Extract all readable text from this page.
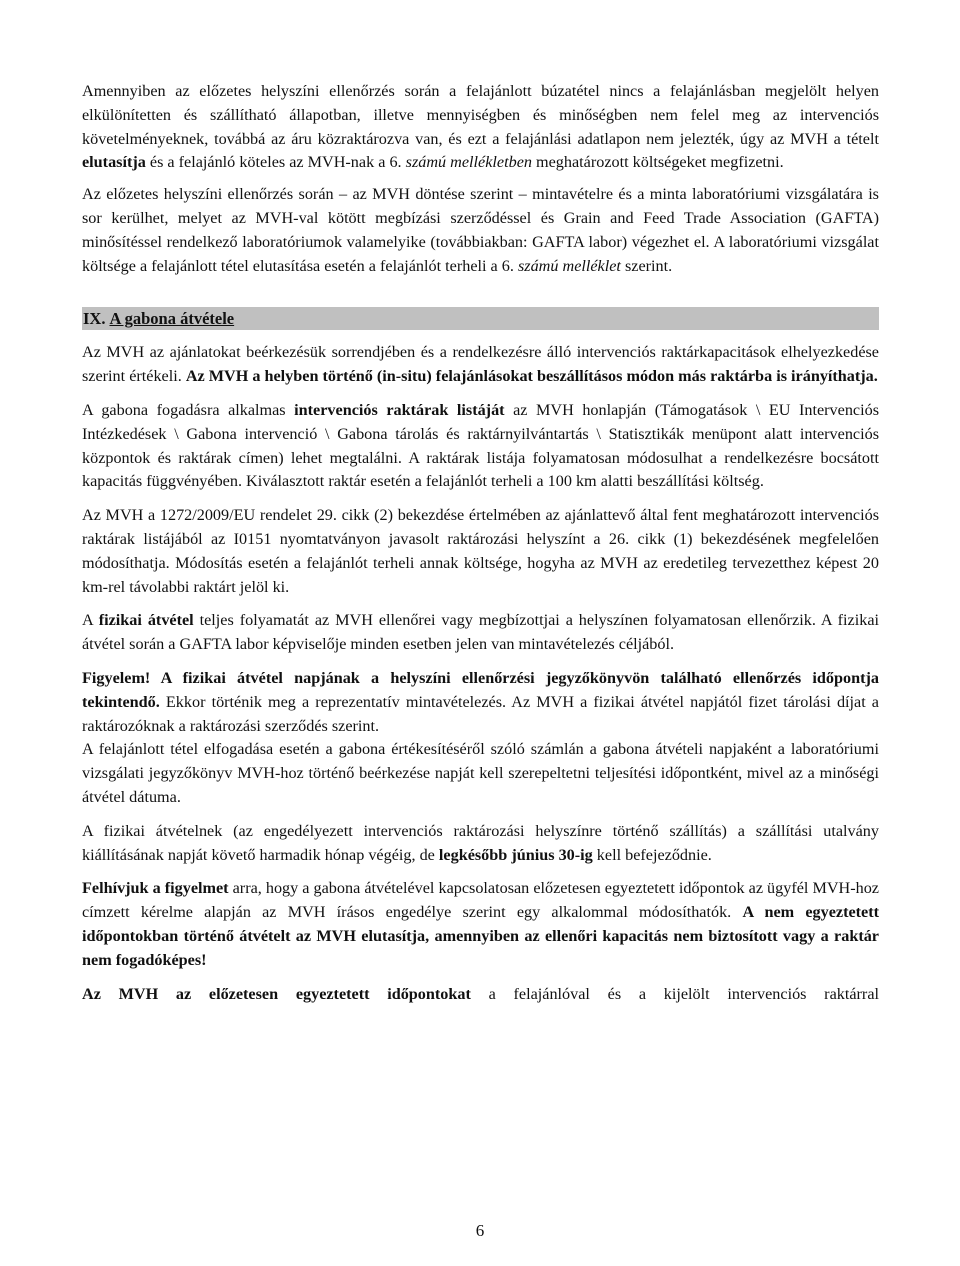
Amennyiben az előzetes helyszíni ellenőrzés során a felajánlott búzatétel nincs a felajánlásban megjelölt helyen elkülönítetten és szállítható állapotban, illetve mennyiségben és minőségben nem felel meg az intervenciós követelményeknek, továbbá az áru közraktározva van, és ezt a felajánlási adatlapon nem jelezték, úgy az MVH a tételt elutasítja és a felajánló köteles az MVH-nak a 6. számú mellékletben meghatározott költségeket megfizetni.

Az előzetes helyszíni ellenőrzés során – az MVH döntése szerint – mintavételre és a minta laboratóriumi vizsgálatára is sor kerülhet, melyet az MVH-val kötött megbízási szerződéssel és Grain and Feed Trade Association (GAFTA) minősítéssel rendelkező laboratóriumok valamelyike (továbbiakban: GAFTA labor) végezhet el. A laboratóriumi vizsgálat költsége a felajánlott tétel elutasítása esetén a felajánlót terheli a 6. számú melléklet szerint.

IX. A gabona átvétele

Az MVH az ajánlatokat beérkezésük sorrendjében és a rendelkezésre álló intervenciós raktárkapacitások elhelyezkedése szerint értékeli. Az MVH a helyben történő (in-situ) felajánlásokat beszállításos módon más raktárba is irányíthatja.

A gabona fogadásra alkalmas intervenciós raktárak listáját az MVH honlapján (Támogatások \ EU Intervenciós Intézkedések \ Gabona intervenció \ Gabona tárolás és raktárnyilvántartás \ Statisztikák menüpont alatt intervenciós központok és raktárak címen) lehet megtalálni. A raktárak listája folyamatosan módosulhat a rendelkezésre bocsátott kapacitás függvényében. Kiválasztott raktár esetén a felajánlót terheli a 100 km alatti beszállítási költség.

Az MVH a 1272/2009/EU rendelet 29. cikk (2) bekezdése értelmében az ajánlattevő által fent meghatározott intervenciós raktárak listájából az I0151 nyomtatványon javasolt raktározási helyszínt a 26. cikk (1) bekezdésének megfelelően módosíthatja. Módosítás esetén a felajánlót terheli annak költsége, hogyha az MVH az eredetileg tervezetthez képest 20 km-rel távolabbi raktárt jelöl ki.

A fizikai átvétel teljes folyamatát az MVH ellenőrei vagy megbízottjai a helyszínen folyamatosan ellenőrzik. A fizikai átvétel során a GAFTA labor képviselője minden esetben jelen van mintavételezés céljából.

Figyelem! A fizikai átvétel napjának a helyszíni ellenőrzési jegyzőkönyvön található ellenőrzés időpontja tekintendő. Ekkor történik meg a reprezentatív mintavételezés. Az MVH a fizikai átvétel napjától fizet tárolási díjat a raktározóknak a raktározási szerződés szerint.

A felajánlott tétel elfogadása esetén a gabona értékesítéséről szóló számlán a gabona átvételi napjaként a laboratóriumi vizsgálati jegyzőkönyv MVH-hoz történő beérkezése napját kell szerepeltetni teljesítési időpontként, mivel az a minőségi átvétel dátuma.

A fizikai átvételnek (az engedélyezett intervenciós raktározási helyszínre történő szállítás) a szállítási utalvány kiállításának napját követő harmadik hónap végéig, de legkésőbb június 30-ig kell befejeződnie.

Felhívjuk a figyelmet arra, hogy a gabona átvételével kapcsolatosan előzetesen egyeztetett időpontok az ügyfél MVH-hoz címzett kérelme alapján az MVH írásos engedélye szerint egy alkalommal módosíthatók. A nem egyeztetett időpontokban történő átvételt az MVH elutasítja, amennyiben az ellenőri kapacitás nem biztosított vagy a raktár nem fogadóképes!

Az MVH az előzetesen egyeztetett időpontokat a felajánlóval és a kijelölt intervenciós raktárral

6
